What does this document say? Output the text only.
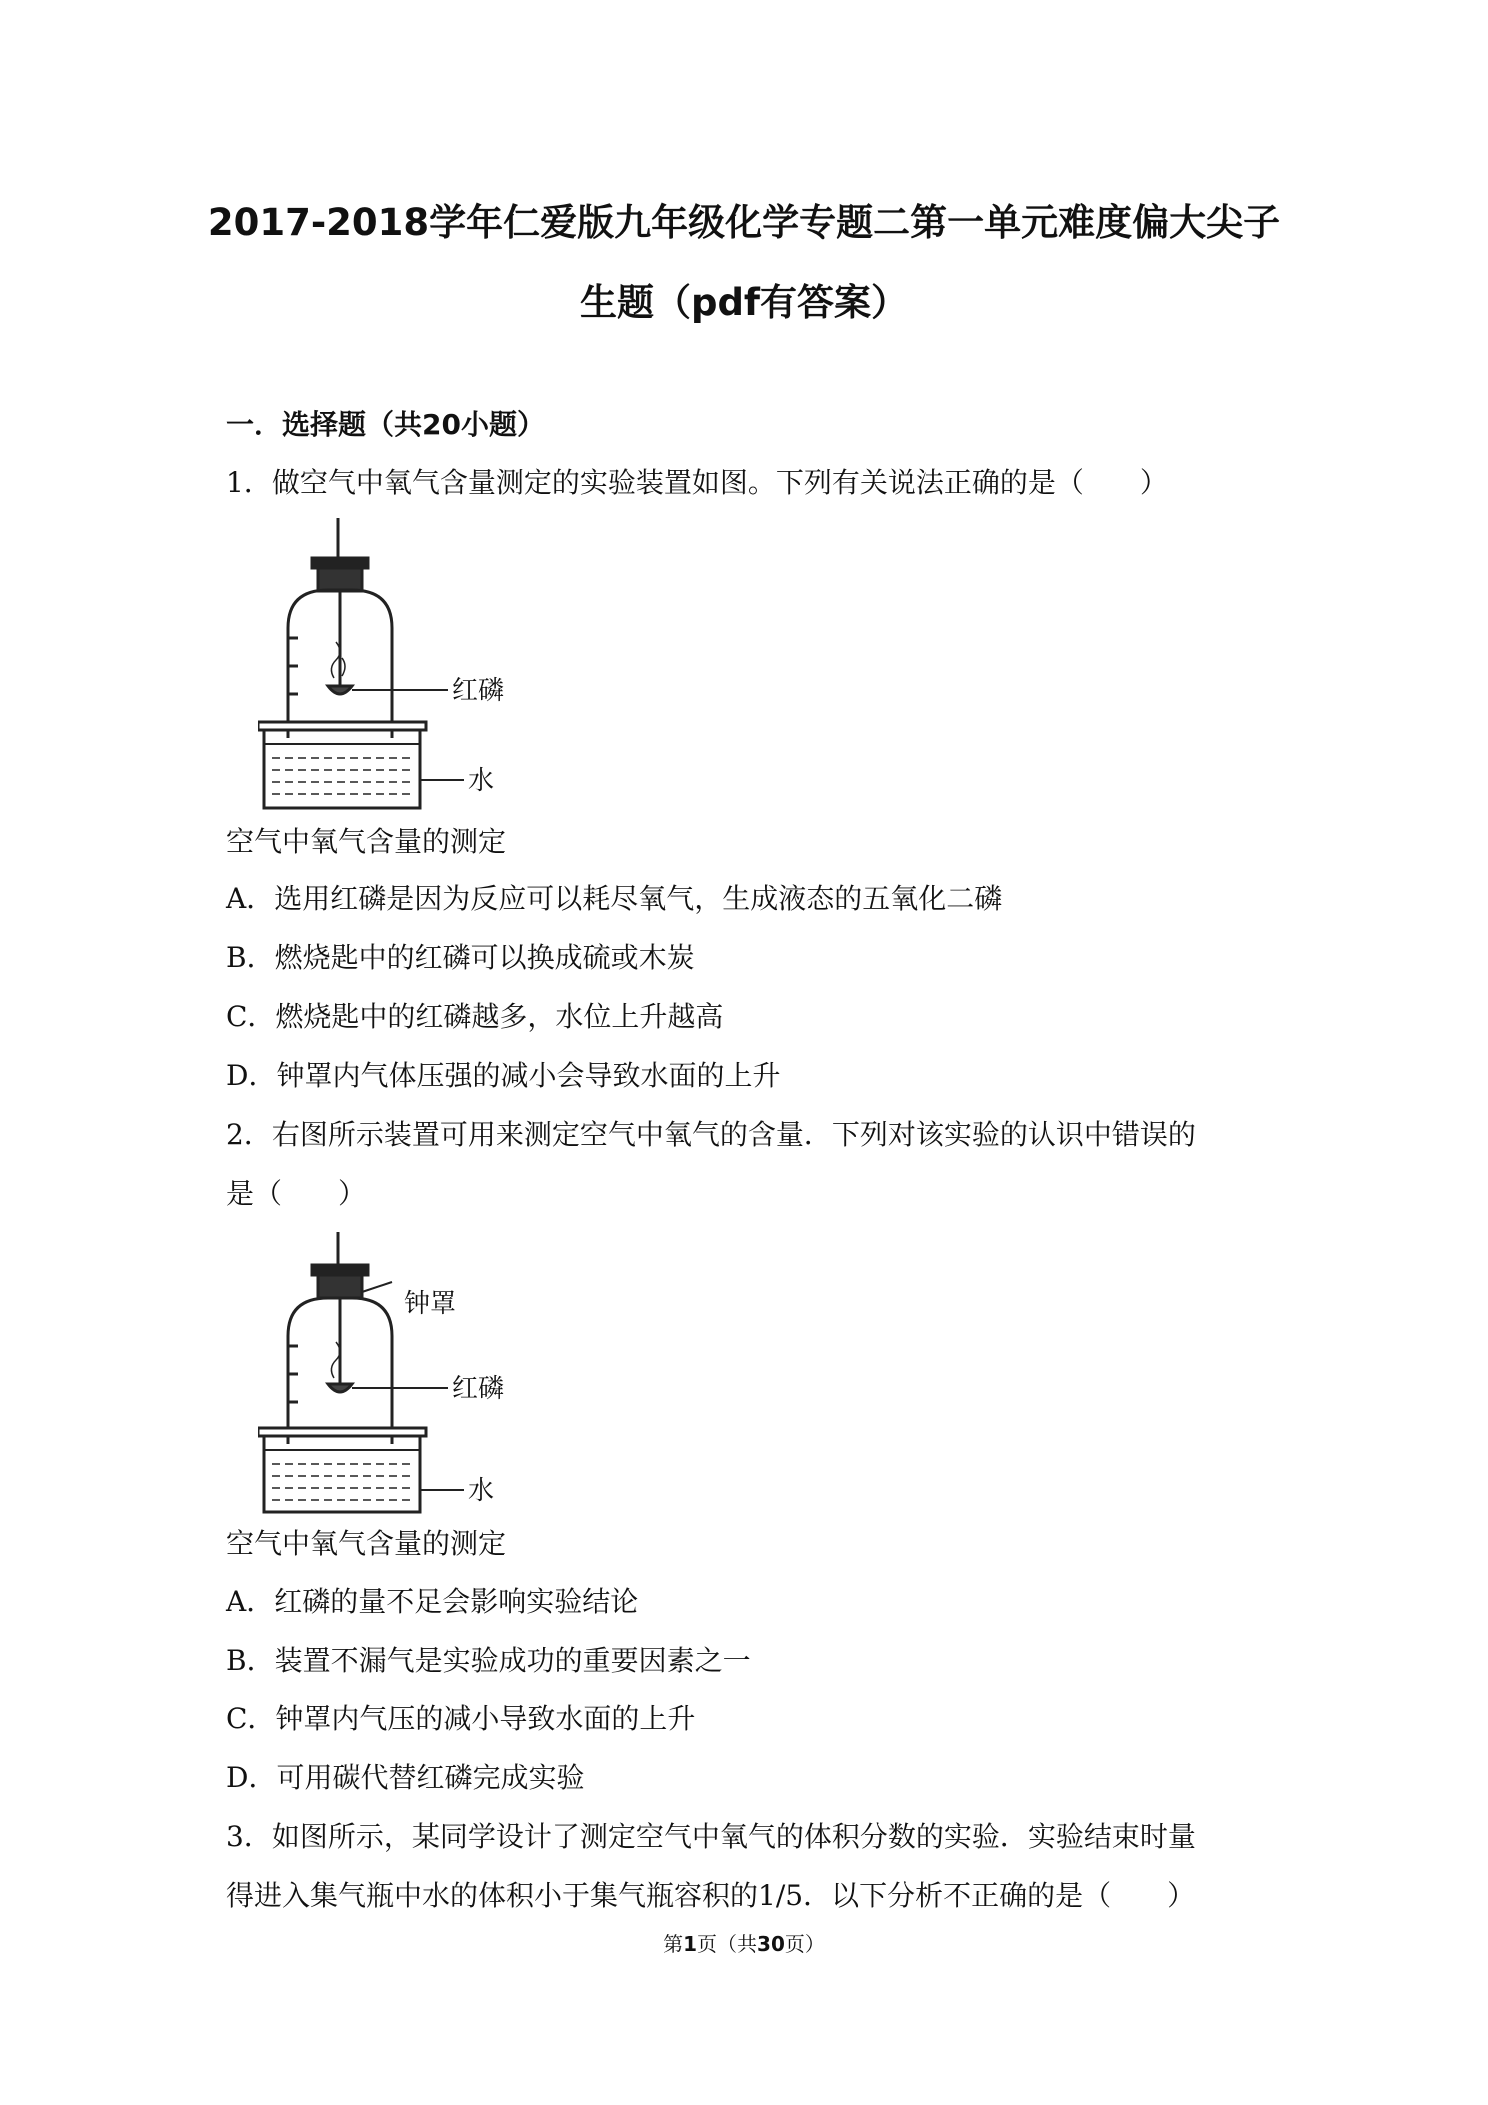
2017-2018学年仁爱版九年级化学专题二第一单元难度偏大尖子
生题（pdf有答案）
一．选择题（共20小题）
1．做空气中氧气含量测定的实验装置如图。下列有关说法正确的是（　　）
红磷
水
空气中氧气含量的测定
A．选用红磷是因为反应可以耗尽氧气，生成液态的五氧化二磷
B．燃烧匙中的红磷可以换成硫或木炭
C．燃烧匙中的红磷越多，水位上升越高
D．钟罩内气体压强的减小会导致水面的上升
2．右图所示装置可用来测定空气中氧气的含量．下列对该实验的认识中错误的
是（　　）
钟罩
红磷
水
空气中氧气含量的测定
A．红磷的量不足会影响实验结论
B．装置不漏气是实验成功的重要因素之一
C．钟罩内气压的减小导致水面的上升
D．可用碳代替红磷完成实验
3．如图所示，某同学设计了测定空气中氧气的体积分数的实验．实验结束时量
得进入集气瓶中水的体积小于集气瓶容积的1/5．以下分析不正确的是（　　）
第1页（共30页）
